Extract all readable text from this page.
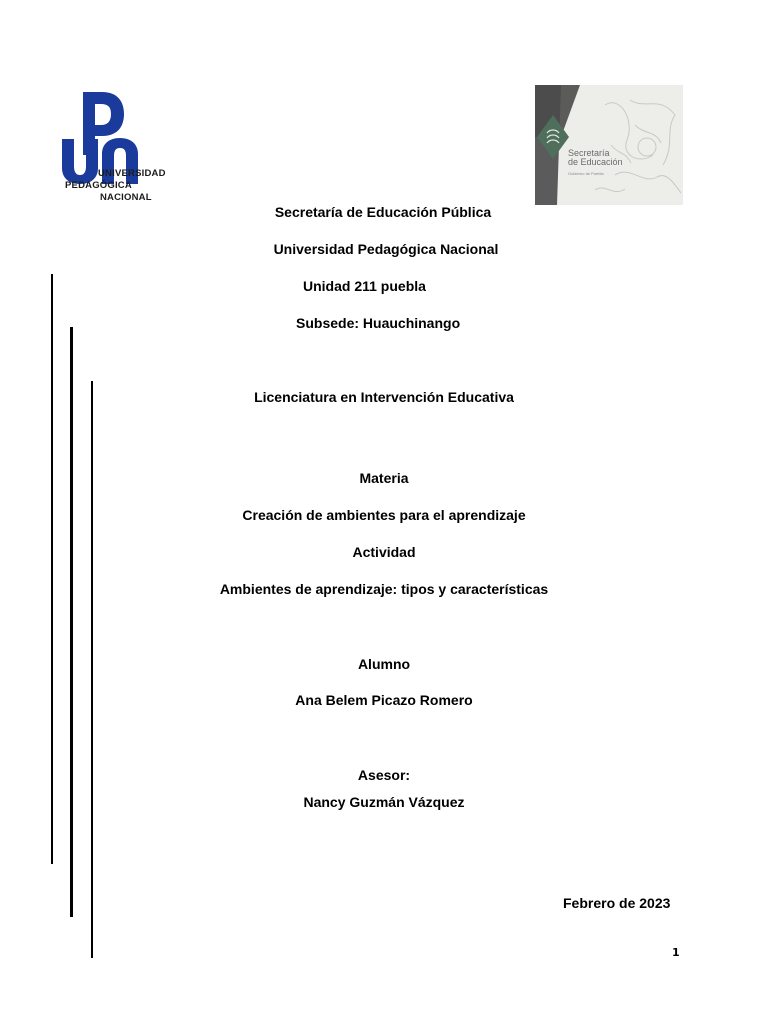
UNIVERSIDAD
PEDAGÓGICA
NACIONAL
Secretaría
de Educación
Gobierno de Puebla
Secretaría de Educación Pública
Universidad Pedagógica Nacional
Unidad 211 puebla
Subsede: Huauchinango
Licenciatura en Intervención Educativa
Materia
Creación de ambientes para el aprendizaje
Actividad
Ambientes de aprendizaje: tipos y características
Alumno
Ana Belem Picazo Romero
Asesor:
Nancy Guzmán Vázquez
Febrero de 2023
1
